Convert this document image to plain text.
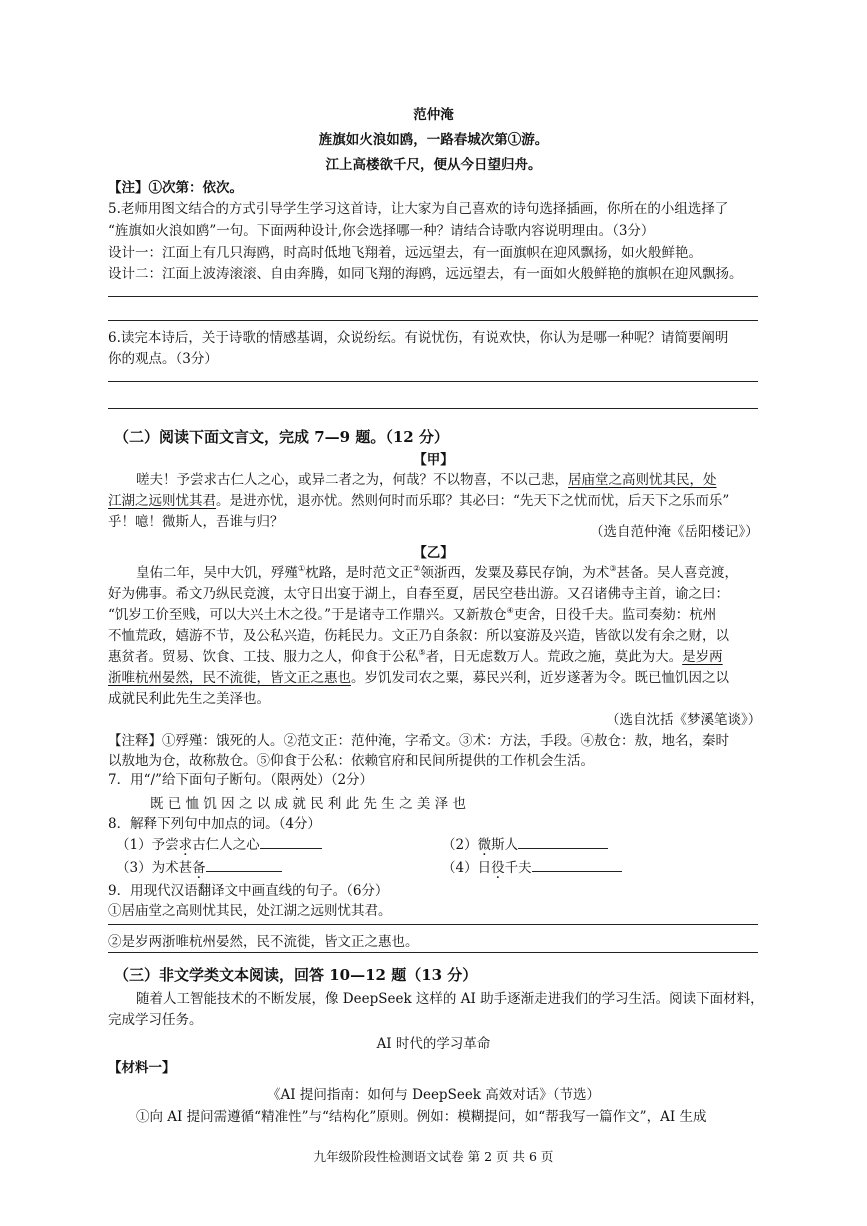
范仲淹
旌旗如火浪如鸥，一路春城次第①游。
江上高楼欲千尺，便从今日望归舟。
【注】①次第：依次。
5.老师用图文结合的方式引导学生学习这首诗，让大家为自己喜欢的诗句选择插画，你所在的小组选择了
“旌旗如火浪如鸥”一句。下面两种设计,你会选择哪一种？请结合诗歌内容说明理由。（3分）
设计一：江面上有几只海鸥，时高时低地飞翔着，远远望去，有一面旗帜在迎风飘扬，如火般鲜艳。
设计二：江面上波涛滚滚、自由奔腾，如同飞翔的海鸥，远远望去，有一面如火般鲜艳的旗帜在迎风飘扬。
6.读完本诗后，关于诗歌的情感基调，众说纷纭。有说忧伤，有说欢快，你认为是哪一种呢？请简要阐明
你的观点。（3分）
（二）阅读下面文言文，完成 7—9 题。（12 分）
【甲】
嗟夫！予尝求古仁人之心，或异二者之为，何哉？不以物喜，不以己悲，居庙堂之高则忧其民，处
江湖之远则忧其君。是进亦忧，退亦忧。然则何时而乐耶？其必曰：“先天下之忧而忧，后天下之乐而乐”
乎！噫！微斯人，吾谁与归？
（选自范仲淹《岳阳楼记》）
【乙】
皇佑二年，吴中大饥，殍殣①枕路，是时范文正②领浙西，发粟及募民存饷，为术③甚备。吴人喜竞渡，
好为佛事。希文乃纵民竞渡，太守日出宴于湖上，自春至夏，居民空巷出游。又召诸佛寺主首，谕之曰：
“饥岁工价至贱，可以大兴土木之役。”于是诸寺工作鼎兴。又新敖仓④吏舍，日役千夫。监司奏劾：杭州
不恤荒政，嬉游不节，及公私兴造，伤耗民力。文正乃自条叙：所以宴游及兴造，皆欲以发有余之财，以
惠贫者。贸易、饮食、工技、服力之人，仰食于公私⑤者，日无虑数万人。荒政之施，莫此为大。是岁两
浙唯杭州晏然，民不流徙，皆文正之惠也。岁饥发司农之粟，募民兴利，近岁遂著为令。既已恤饥因之以
成就民利此先生之美泽也。
（选自沈括《梦溪笔谈》）
【注释】①殍殣：饿死的人。②范文正：范仲淹，字希文。③术：方法，手段。④敖仓：敖，地名，秦时
以敖地为仓，故称敖仓。⑤仰食于公私：依赖官府和民间所提供的工作机会生活。
7．用“/”给下面句子断句。（限两处）（2分）
既 已 恤 饥 因 之 以 成 就 民 利 此 先 生 之 美 泽 也
8．解释下列句中加点的词。（4分）
（1）予尝求古仁人之心	（2）微斯人
（3）为术甚备	（4）日役千夫
9．用现代汉语翻译文中画直线的句子。（6分）
①居庙堂之高则忧其民，处江湖之远则忧其君。
②是岁两浙唯杭州晏然，民不流徙，皆文正之惠也。
（三）非文学类文本阅读，回答 10—12 题（13 分）
随着人工智能技术的不断发展，像 DeepSeek 这样的 AI 助手逐渐走进我们的学习生活。阅读下面材料，
完成学习任务。
AI 时代的学习革命
【材料一】
《AI 提问指南：如何与 DeepSeek 高效对话》（节选）
①向 AI 提问需遵循“精准性”与“结构化”原则。例如：模糊提问，如“帮我写一篇作文”，AI 生成
九年级阶段性检测语文试卷 第 2 页 共 6 页
